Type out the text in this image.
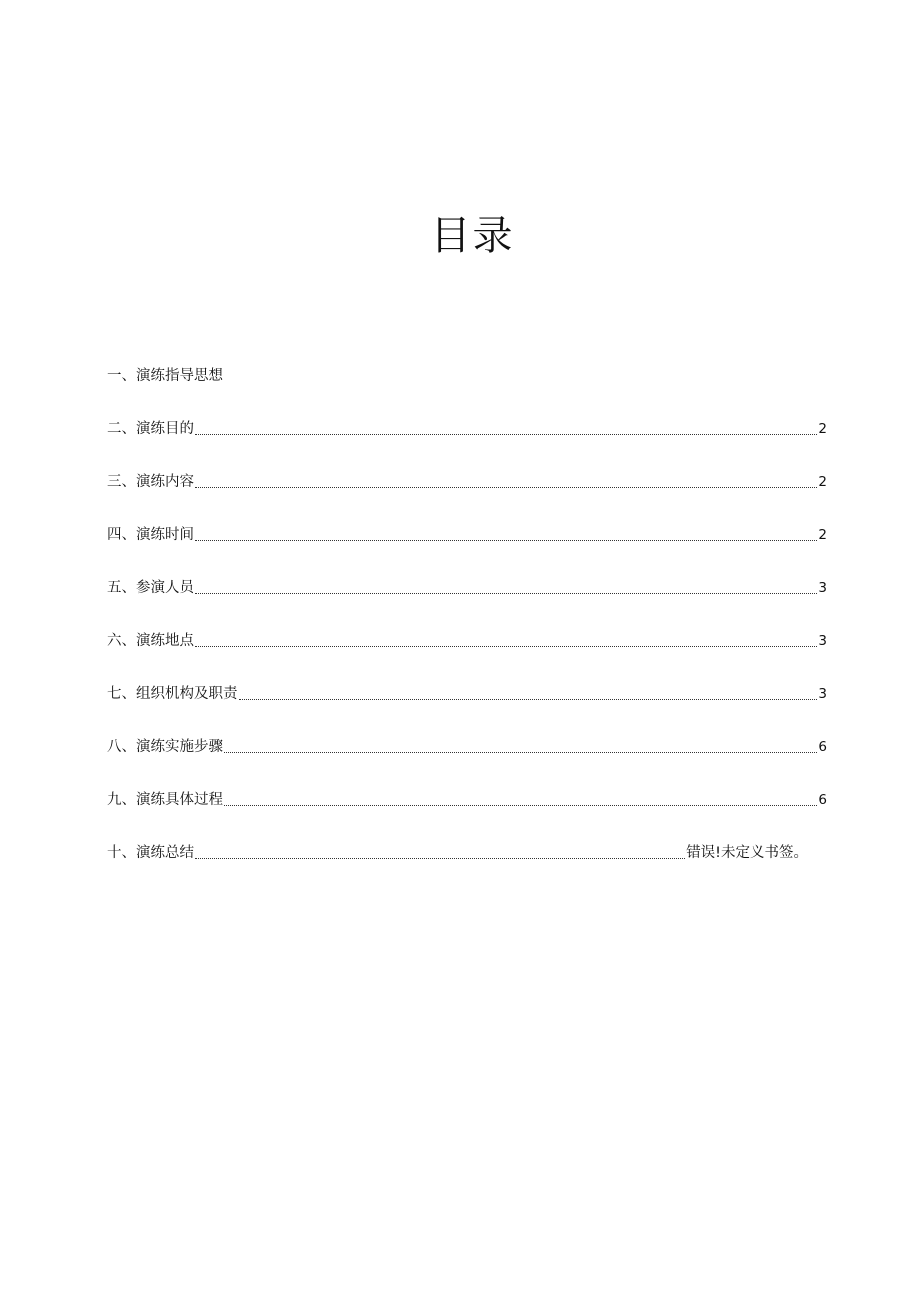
目录
一、演练指导思想
二、演练目的	2
三、演练内容	2
四、演练时间	2
五、参演人员	3
六、演练地点	3
七、组织机构及职责	3
八、演练实施步骤	6
九、演练具体过程	6
十、演练总结	错误!未定义书签。
